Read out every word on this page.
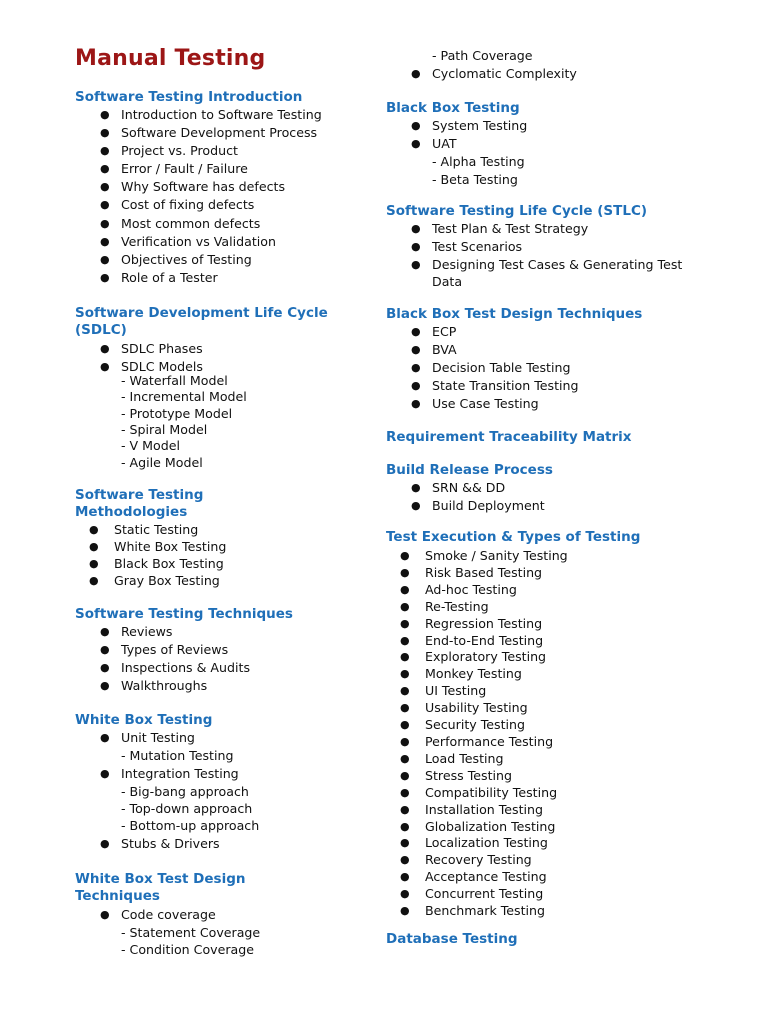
Manual Testing
Software Testing Introduction
● Introduction to Software Testing
● Software Development Process
● Project vs. Product
● Error / Fault / Failure
● Why Software has defects
● Cost of fixing defects
● Most common defects
● Verification vs Validation
● Objectives of Testing
● Role of a Tester
Software Development Life Cycle
(SDLC)
● SDLC Phases
● SDLC Models
- Waterfall Model
- Incremental Model
- Prototype Model
- Spiral Model
- V Model
- Agile Model
Software Testing
Methodologies
● Static Testing
● White Box Testing
● Black Box Testing
● Gray Box Testing
Software Testing Techniques
● Reviews
● Types of Reviews
● Inspections & Audits
● Walkthroughs
White Box Testing
● Unit Testing
- Mutation Testing
● Integration Testing
- Big-bang approach
- Top-down approach
- Bottom-up approach
● Stubs & Drivers
White Box Test Design
Techniques
● Code coverage
- Statement Coverage
- Condition Coverage
- Path Coverage
● Cyclomatic Complexity
Black Box Testing
● System Testing
● UAT
- Alpha Testing
- Beta Testing
Software Testing Life Cycle (STLC)
● Test Plan & Test Strategy
● Test Scenarios
● Designing Test Cases & Generating Test
Data
Black Box Test Design Techniques
● ECP
● BVA
● Decision Table Testing
● State Transition Testing
● Use Case Testing
Requirement Traceability Matrix
Build Release Process
● SRN && DD
● Build Deployment
Test Execution & Types of Testing
● Smoke / Sanity Testing
● Risk Based Testing
● Ad-hoc Testing
● Re-Testing
● Regression Testing
● End-to-End Testing
● Exploratory Testing
● Monkey Testing
● UI Testing
● Usability Testing
● Security Testing
● Performance Testing
● Load Testing
● Stress Testing
● Compatibility Testing
● Installation Testing
● Globalization Testing
● Localization Testing
● Recovery Testing
● Acceptance Testing
● Concurrent Testing
● Benchmark Testing
Database Testing
